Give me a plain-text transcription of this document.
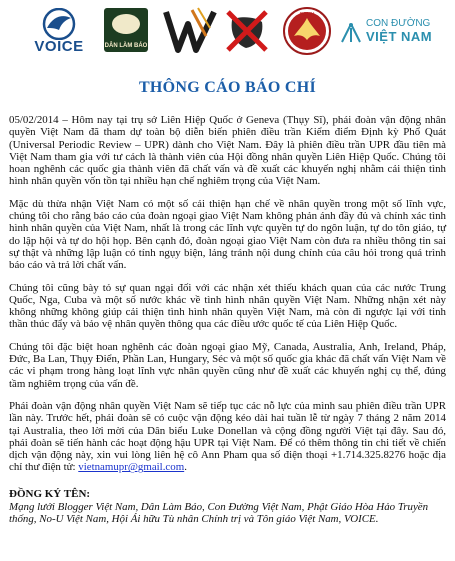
VOICE	DÂN LÀM BÁO
PGHH
CON ĐƯỜNG
VIỆT NAM
THÔNG CÁO BÁO CHÍ

05/02/2014 – Hôm nay tại trụ sở Liên Hiệp Quốc ở Geneva (Thụy Sĩ), phái đoàn vận động nhân quyền Việt Nam đã tham dự toàn bộ diễn biến phiên điều trần Kiểm điểm Định kỳ Phổ Quát (Universal Periodic Review – UPR) dành cho Việt Nam. Đây là phiên điều trần UPR đầu tiên mà Việt Nam tham gia với tư cách là thành viên của Hội đồng nhân quyền Liên Hiệp Quốc. Chúng tôi hoan nghênh các quốc gia thành viên đã chất vấn và đề xuất các khuyến nghị nhằm cải thiện tình hình nhân quyền vốn tồn tại nhiều hạn chế nghiêm trọng của Việt Nam.

Mặc dù thừa nhận Việt Nam có một số cải thiện hạn chế về nhân quyền trong một số lĩnh vực, chúng tôi cho rằng báo cáo của đoàn ngoại giao Việt Nam không phản ánh đầy đủ và chính xác tình hình nhân quyền của Việt Nam, nhất là trong các lĩnh vực quyền tự do ngôn luận, tự do tôn giáo, tự do lập hội và tự do hội họp. Bên cạnh đó, đoàn ngoại giao Việt Nam còn đưa ra nhiều thông tin sai sự thật và những lập luận có tính ngụy biện, lảng tránh nội dung chính của câu hỏi trong quá trình báo cáo và trả lời chất vấn.

Chúng tôi cũng bày tỏ sự quan ngại đối với các nhận xét thiếu khách quan của các nước Trung Quốc, Nga, Cuba và một số nước khác về tình hình nhân quyền Việt Nam. Những nhận xét này không những không giúp cải thiện tình hình nhân quyền Việt Nam, mà còn đi ngược lại với tinh thần thúc đẩy và bảo vệ nhân quyền thông qua các điều ước quốc tế của Liên Hiệp Quốc.

Chúng tôi đặc biệt hoan nghênh các đoàn ngoại giao Mỹ, Canada, Australia, Anh, Ireland, Pháp, Đức, Ba Lan, Thụy Điển, Phần Lan, Hungary, Séc và một số quốc gia khác đã chất vấn Việt Nam về các vi phạm trong hàng loạt lĩnh vực nhân quyền cũng như đề xuất các khuyến nghị cụ thể, đúng tầm nghiêm trọng của vấn đề.

Phái đoàn vận động nhân quyền Việt Nam sẽ tiếp tục các nỗ lực của mình sau phiên điều trần UPR lần này. Trước hết, phái đoàn sẽ có cuộc vận động kéo dài hai tuần lễ từ ngày 7 tháng 2 năm 2014 tại Australia, theo lời mời của Dân biểu Luke Donellan và cộng đồng người Việt tại đây. Sau đó, phái đoàn sẽ tiến hành các hoạt động hậu UPR tại Việt Nam. Để có thêm thông tin chi tiết về chiến dịch vận động này, xin vui lòng liên hệ cô Ann Pham qua số điện thoại +1.714.325.8276 hoặc địa chỉ thư điện tử: vietnamupr@gmail.com.

ĐỒNG KÝ TÊN:
Mạng lưới Blogger Việt Nam, Dân Làm Báo, Con Đường Việt Nam, Phật Giáo Hòa Hảo Truyền thống, No-U Việt Nam, Hội Ái hữu Tù nhân Chính trị và Tôn giáo Việt Nam, VOICE.
